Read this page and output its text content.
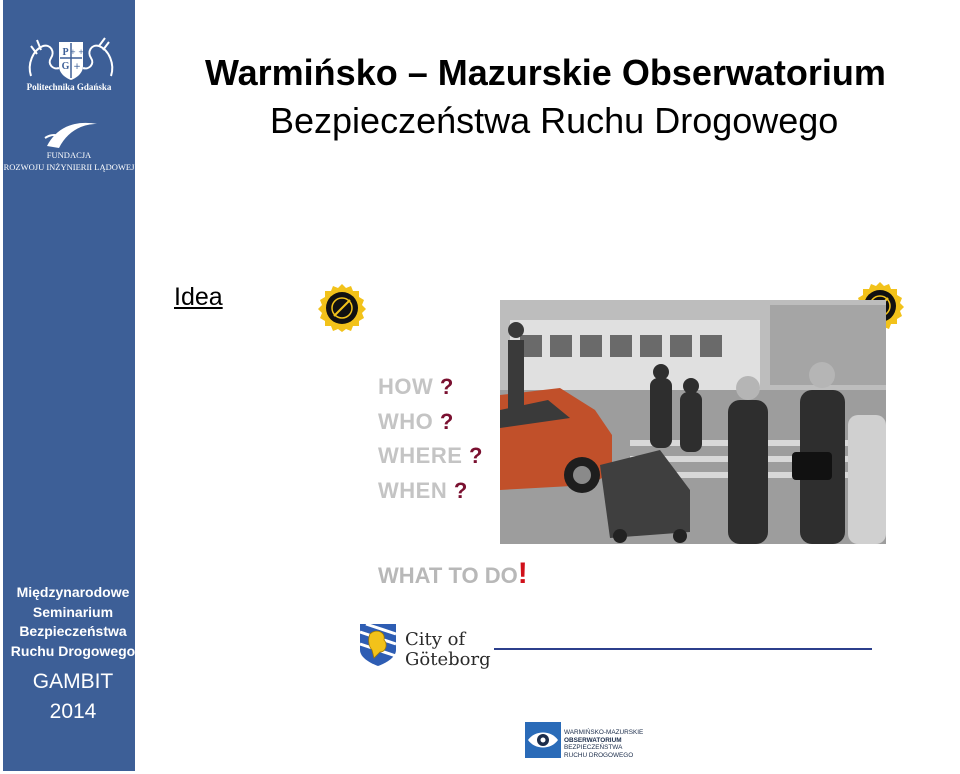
P
G
+ +
+
Politechnika Gdańska
FUNDACJA
ROZWOJU INŻYNIERII LĄDOWEJ
Międzynarodowe
Seminarium
Bezpieczeństwa
Ruchu Drogowego
GAMBIT
2014
Warmińsko – Mazurskie Obserwatorium
Bezpieczeństwa Ruchu Drogowego
Idea
HOW ?
WHO ?
WHERE ?
WHEN ?
WHAT TO DO!
City of
Göteborg
WARMIŃSKO-MAZURSKIE
OBSERWATORIUM
BEZPIECZEŃSTWA
RUCHU DROGOWEGO
